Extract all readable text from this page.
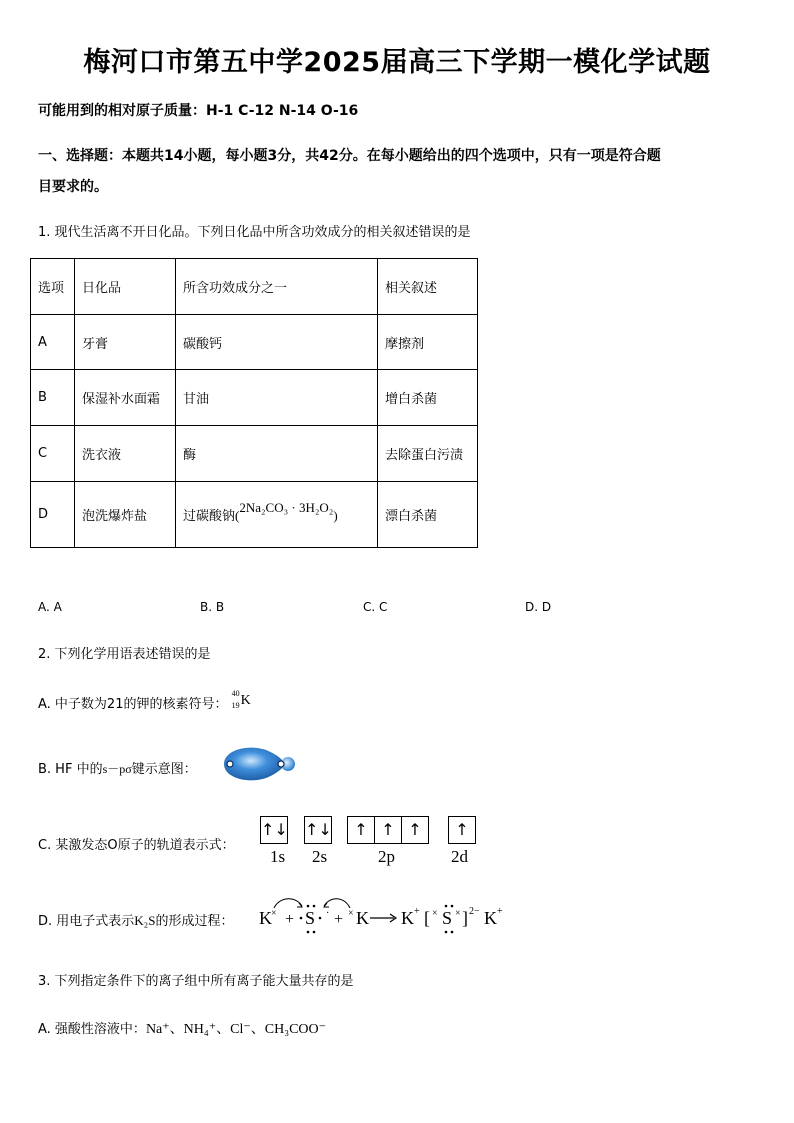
梅河口市第五中学2025届高三下学期一模化学试题
可能用到的相对原子质量：H-1 C-12 N-14 O-16
一、选择题：本题共14小题，每小题3分，共42分。在每小题给出的四个选项中，只有一项是符合题
目要求的。
1. 现代生活离不开日化品。下列日化品中所含功效成分的相关叙述错误的是
选项	日化品	所含功效成分之一	相关叙述
A	牙膏	碳酸钙	摩擦剂
B	保湿补水面霜	甘油	增白杀菌
C	洗衣液	酶	去除蛋白污渍
D	泡洗爆炸盐	过碳酸钠(2Na₂CO₃ · 3H₂O₂)	漂白杀菌
A. A	B. B	C. C	D. D
2. 下列化学用语表述错误的是
A. 中子数为21的钾的核素符号：
40
19 K
B. HF 中的s－pσ键示意图：
C. 某激发态O原子的轨道表示式：
↑↓ ↑↓	↑ ↑ ↑	↑
1s 2s	2p	2d
D. 用电子式表示K₂S的形成过程： K × + S · + × K K + [ × S × ] 2− K +
3. 下列指定条件下的离子组中所有离子能大量共存的是
A. 强酸性溶液中：Na⁺、NH₄⁺、Cl⁻、CH₃COO⁻
